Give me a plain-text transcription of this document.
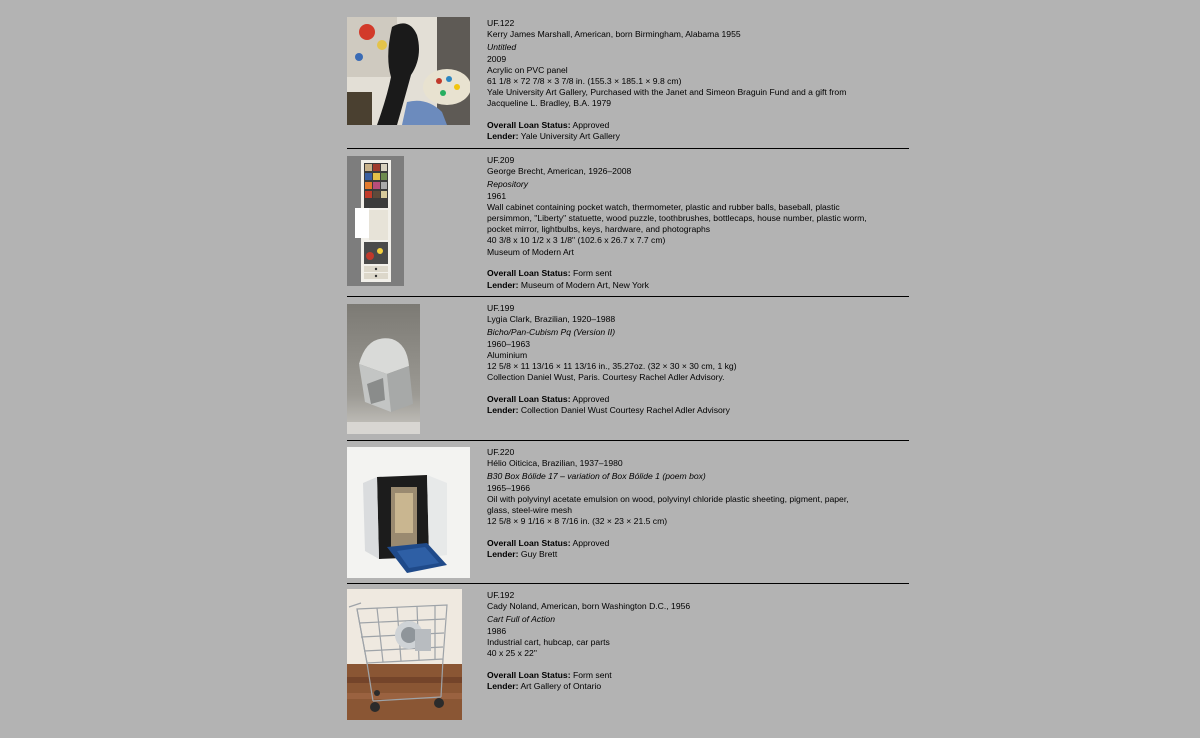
UF.122
Kerry James Marshall, American, born Birmingham, Alabama 1955
Untitled
2009
Acrylic on PVC panel
61 1/8 × 72 7/8 × 3 7/8 in. (155.3 × 185.1 × 9.8 cm)
Yale University Art Gallery, Purchased with the Janet and Simeon Braguin Fund and a gift from Jacqueline L. Bradley, B.A. 1979
Overall Loan Status: Approved
Lender: Yale University Art Gallery
UF.209
George Brecht, American, 1926–2008
Repository
1961
Wall cabinet containing pocket watch, thermometer, plastic and rubber balls, baseball, plastic persimmon, "Liberty" statuette, wood puzzle, toothbrushes, bottlecaps, house number, plastic worm, pocket mirror, lightbulbs, keys, hardware, and photographs
40 3/8 x 10 1/2 x 3 1/8" (102.6 x 26.7 x 7.7 cm)
Museum of Modern Art
Overall Loan Status: Form sent
Lender: Museum of Modern Art, New York
UF.199
Lygia Clark, Brazilian, 1920–1988
Bicho/Pan-Cubism Pq (Version II)
1960–1963
Aluminium
12 5/8 × 11 13/16 × 11 13/16 in., 35.27oz. (32 × 30 × 30 cm, 1 kg)
Collection Daniel Wust, Paris. Courtesy Rachel Adler Advisory.
Overall Loan Status: Approved
Lender: Collection Daniel Wust Courtesy Rachel Adler Advisory
UF.220
Hélio Oiticica, Brazilian, 1937–1980
B30 Box Bólide 17 – variation of Box Bólide 1 (poem box)
1965–1966
Oil with polyvinyl acetate emulsion on wood, polyvinyl chloride plastic sheeting, pigment, paper, glass, steel-wire mesh
12 5/8 × 9 1/16 × 8 7/16 in. (32 × 23 × 21.5 cm)
Overall Loan Status: Approved
Lender: Guy Brett
UF.192
Cady Noland, American, born Washington D.C., 1956
Cart Full of Action
1986
Industrial cart, hubcap, car parts
40 x 25 x 22"
Overall Loan Status: Form sent
Lender: Art Gallery of Ontario
